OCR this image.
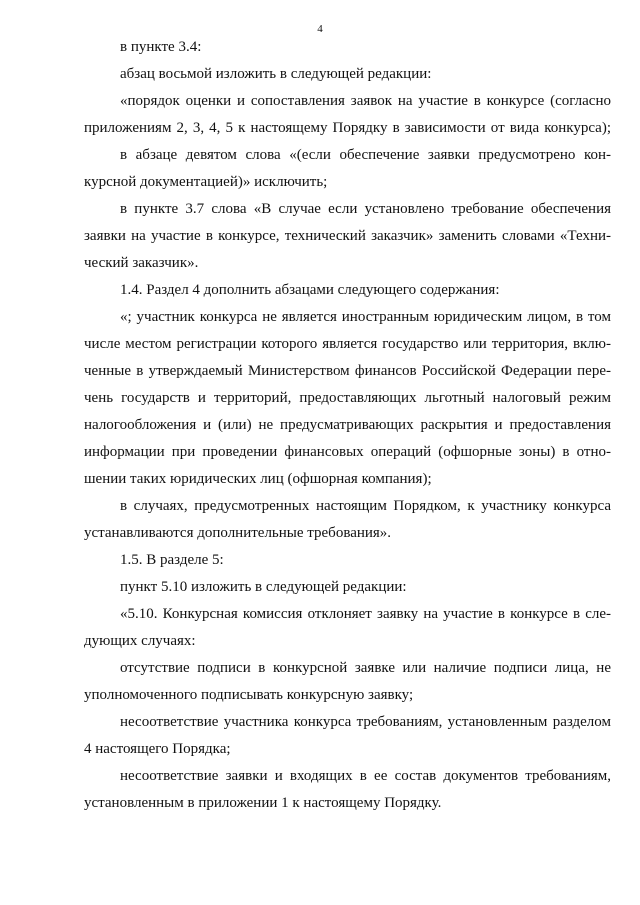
4
в пункте 3.4:
абзац восьмой изложить в следующей редакции:
«порядок оценки и сопоставления заявок на участие в конкурсе (согласно
приложениям 2, 3, 4, 5 к настоящему Порядку в зависимости от вида конкурса);
в абзаце девятом слова «(если обеспечение заявки предусмотрено кон-
курсной документацией)» исключить;
в пункте 3.7 слова «В случае если установлено требование обеспечения
заявки на участие в конкурсе, технический заказчик» заменить словами «Техни-
ческий заказчик».
1.4. Раздел 4 дополнить абзацами следующего содержания:
«; участник конкурса не является иностранным юридическим лицом, в том
числе местом регистрации которого является государство или территория, вклю-
ченные в утверждаемый Министерством финансов Российской Федерации пере-
чень государств и территорий, предоставляющих льготный налоговый режим
налогообложения и (или) не предусматривающих раскрытия и предоставления
информации при проведении финансовых операций (офшорные зоны) в отно-
шении таких юридических лиц (офшорная компания);
в случаях, предусмотренных настоящим Порядком, к участнику конкурса
устанавливаются дополнительные требования».
1.5. В разделе 5:
пункт 5.10 изложить в следующей редакции:
«5.10. Конкурсная комиссия отклоняет заявку на участие в конкурсе в сле-
дующих случаях:
отсутствие подписи в конкурсной заявке или наличие подписи лица, не
уполномоченного подписывать конкурсную заявку;
несоответствие участника конкурса требованиям, установленным разделом
4 настоящего Порядка;
несоответствие заявки и входящих в ее состав документов требованиям,
установленным в приложении 1 к настоящему Порядку.
